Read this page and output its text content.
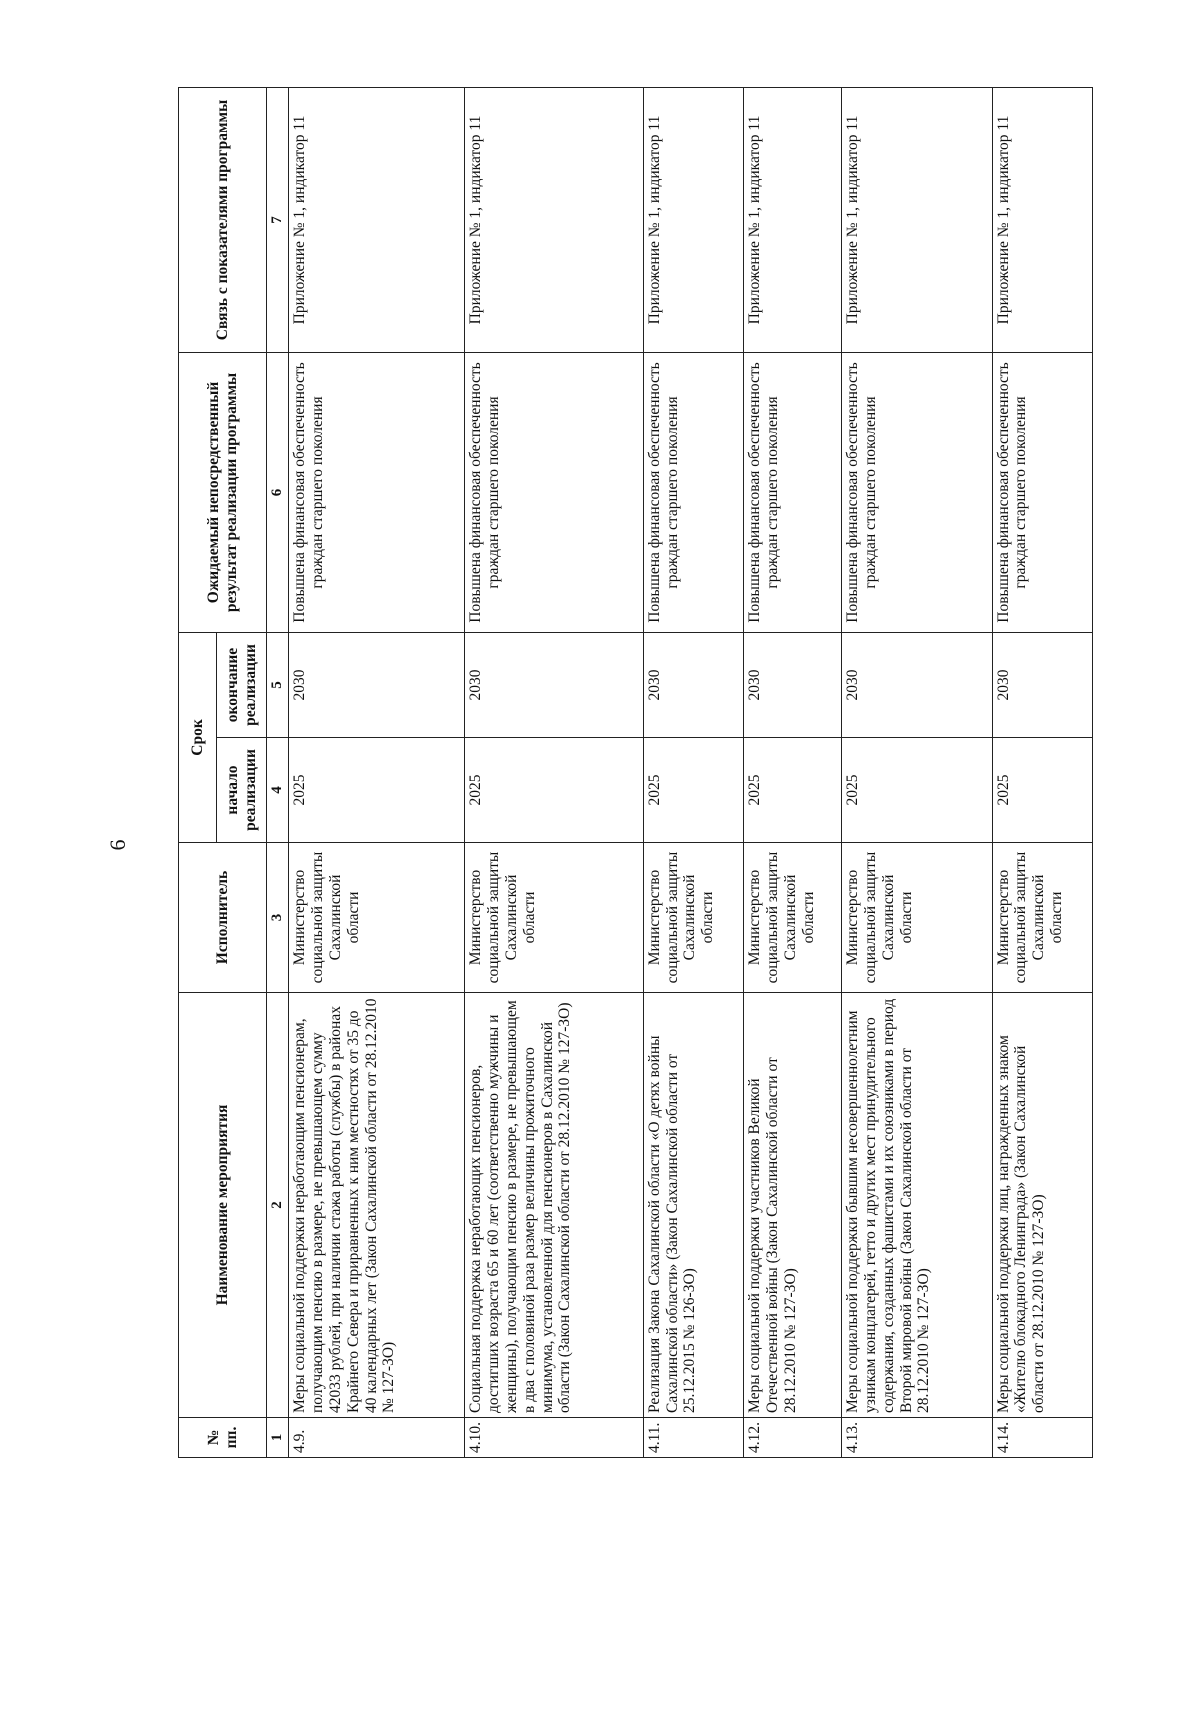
6
№ пп.	Наименование мероприятия	Исполнитель	Срок		Ожидаемый непосредственный результат реализации программы	Связь с показателями программы
			начало реализации	окончание реализации		
1	2	3	4	5	6	7
4.9.	Меры социальной поддержки неработающим пенсионерам, получающим пенсию в размере, не превышающем сумму 42033 рублей, при наличии стажа работы (службы) в районах Крайнего Севера и приравненных к ним местностях от 35 до 40 календарных лет (Закон Сахалинской области от 28.12.2010 № 127-ЗО)	Министерство социальной защиты Сахалинской области	2025	2030	Повышена финансовая обеспеченность граждан старшего поколения	Приложение № 1, индикатор 11
4.10.	Социальная поддержка неработающих пенсионеров, достигших возраста 65 и 60 лет (соответственно мужчины и женщины), получающим пенсию в размере, не превышающем в два с половиной раза размер величины прожиточного минимума, установленной для пенсионеров в Сахалинской области (Закон Сахалинской области от 28.12.2010 № 127-ЗО)	Министерство социальной защиты Сахалинской области	2025	2030	Повышена финансовая обеспеченность граждан старшего поколения	Приложение № 1, индикатор 11
4.11.	Реализация Закона Сахалинской области «О детях войны Сахалинской области» (Закон Сахалинской области от 25.12.2015 № 126-ЗО)	Министерство социальной защиты Сахалинской области	2025	2030	Повышена финансовая обеспеченность граждан старшего поколения	Приложение № 1, индикатор 11
4.12.	Меры социальной поддержки участников Великой Отечественной войны (Закон Сахалинской области от 28.12.2010 № 127-ЗО)	Министерство социальной защиты Сахалинской области	2025	2030	Повышена финансовая обеспеченность граждан старшего поколения	Приложение № 1, индикатор 11
4.13.	Меры социальной поддержки бывшим несовершеннолетним узникам концлагерей, гетто и других мест принудительного содержания, созданных фашистами и их союзниками в период Второй мировой войны (Закон Сахалинской области от 28.12.2010 № 127-ЗО)	Министерство социальной защиты Сахалинской области	2025	2030	Повышена финансовая обеспеченность граждан старшего поколения	Приложение № 1, индикатор 11
4.14.	Меры социальной поддержки лиц, награжденных знаком «Жителю блокадного Ленинграда» (Закон Сахалинской области от 28.12.2010 № 127-ЗО)	Министерство социальной защиты Сахалинской области	2025	2030	Повышена финансовая обеспеченность граждан старшего поколения	Приложение № 1, индикатор 11
